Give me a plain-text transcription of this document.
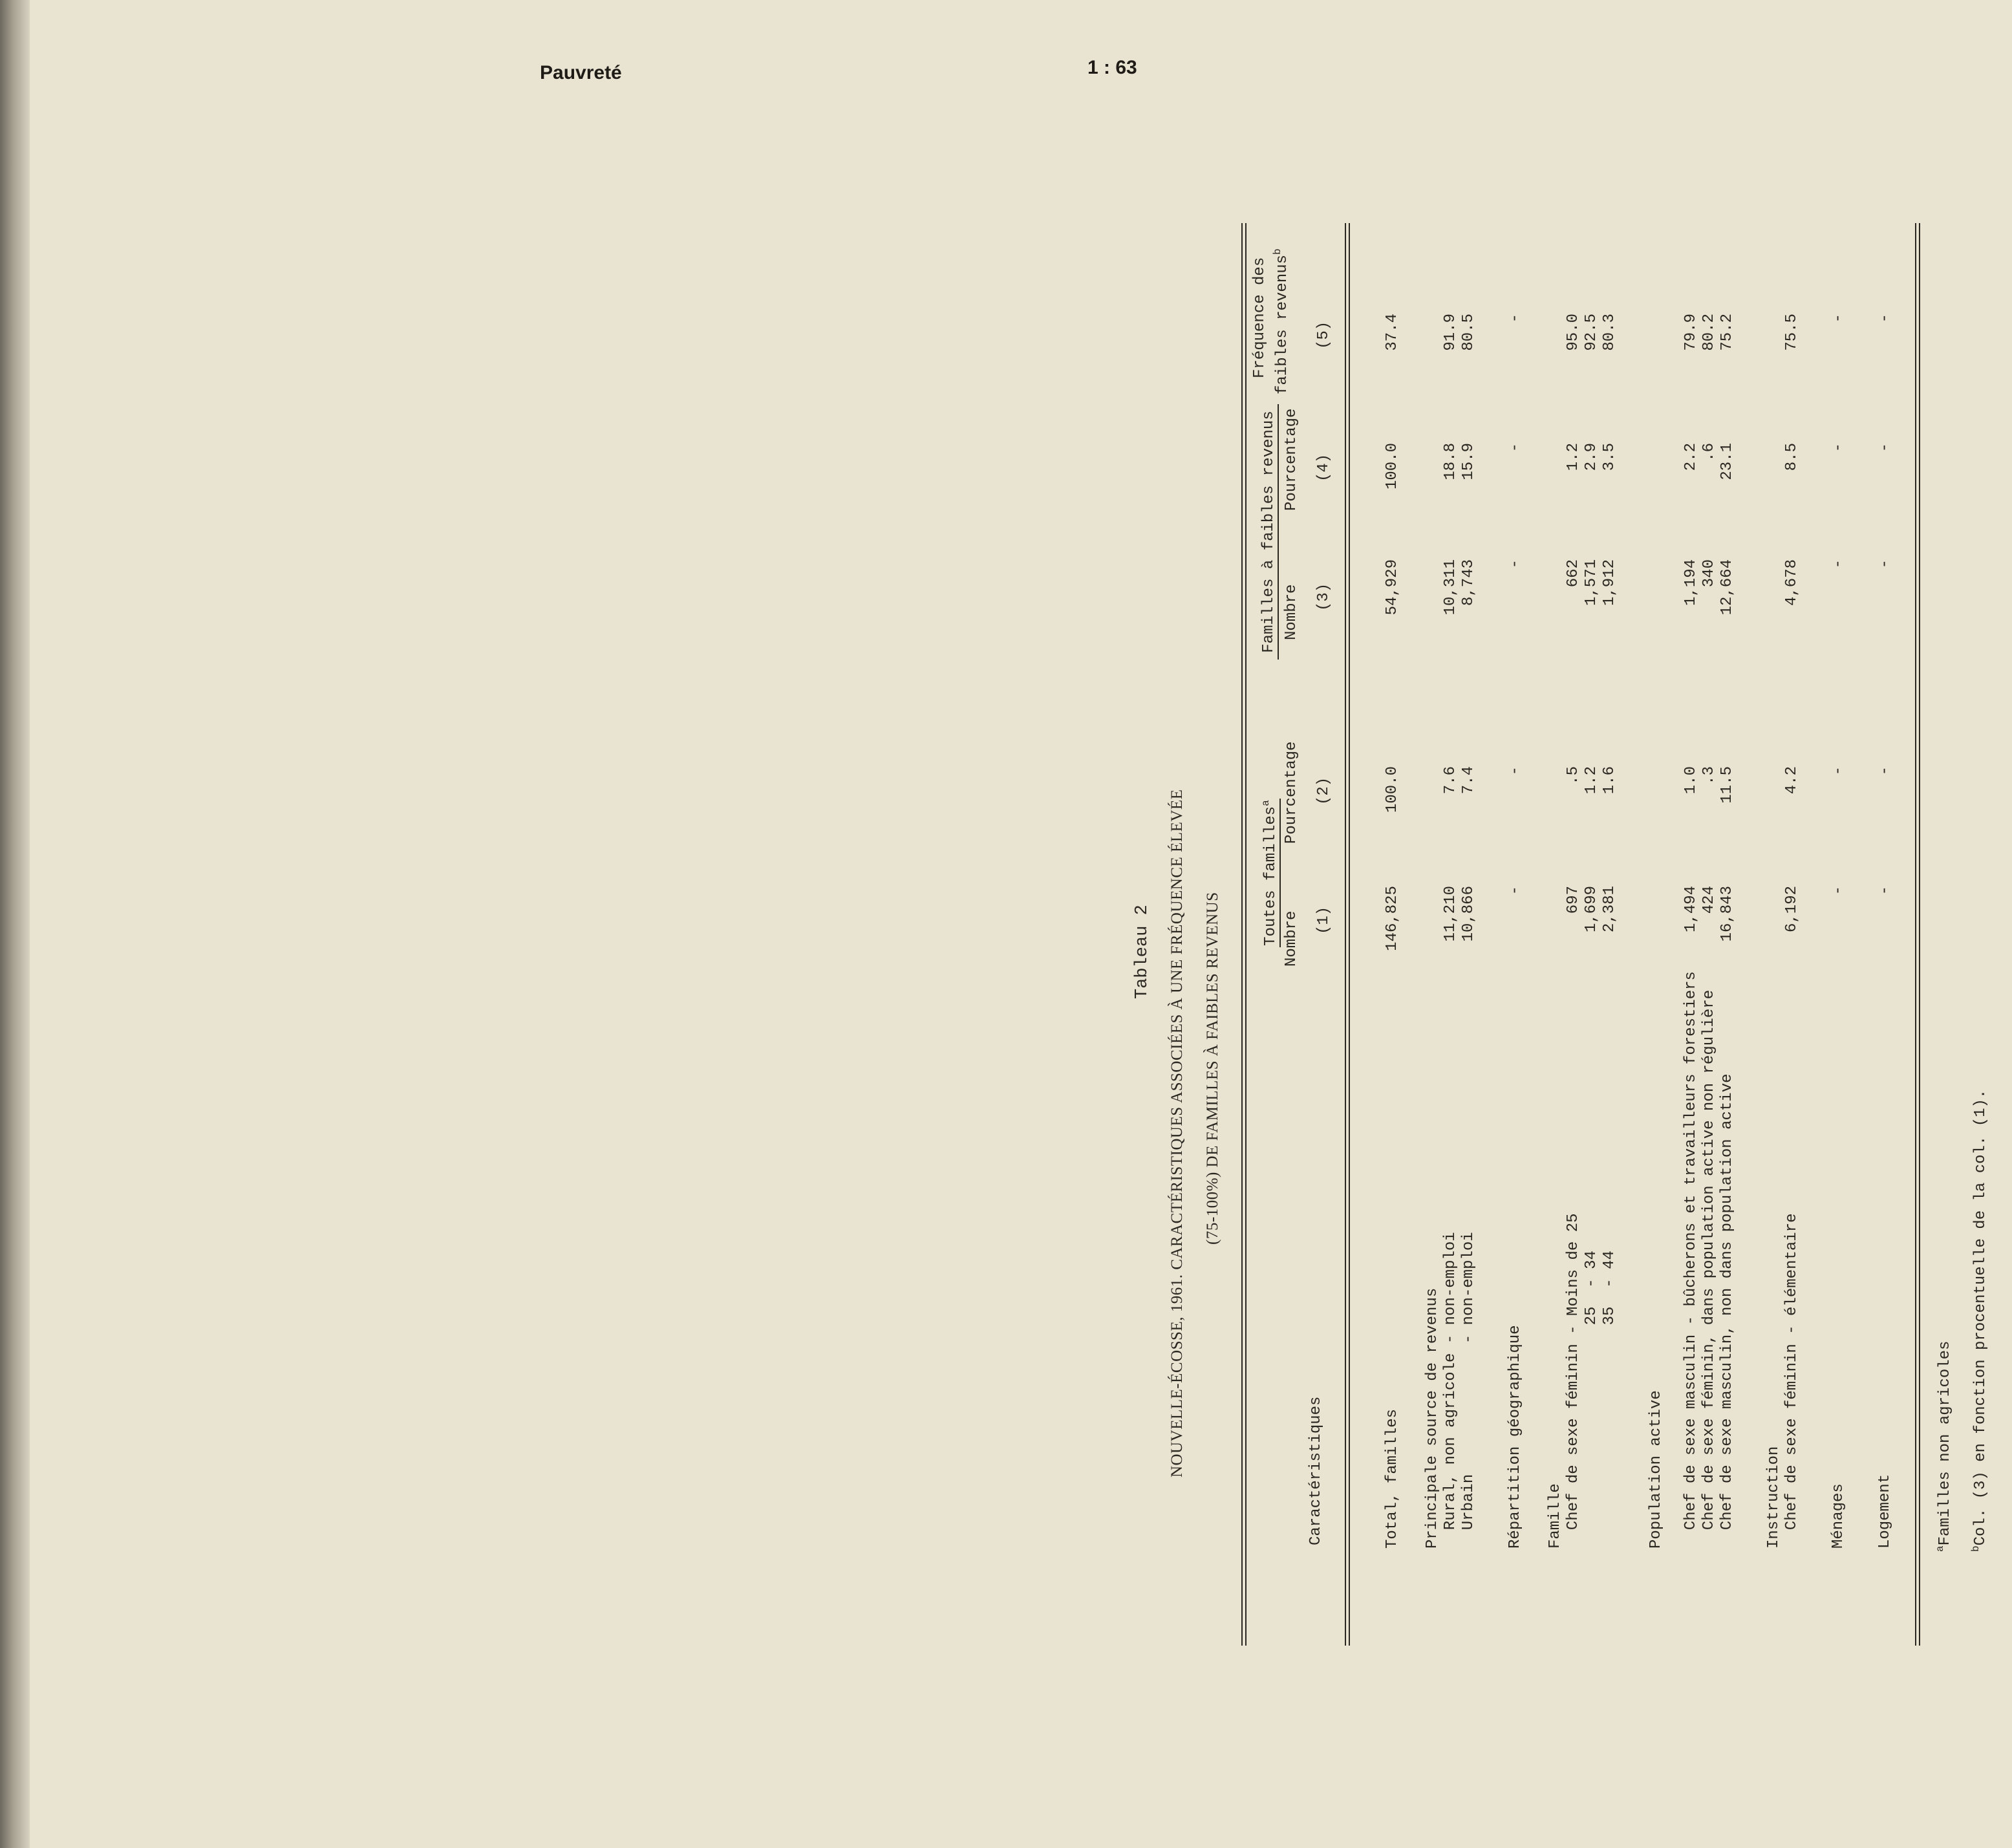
Pauvreté	1 : 63
Tableau 2 NOUVELLE-ÉCOSSE, 1961. CARACTÉRISTIQUES ASSOCIÉES À UNE FRÉQUENCE ÉLEVÉE (75-100%) DE FAMILLES À FAIBLES REVENUS
Caractéristiques
Toutes familles$^a$
Familles à faibles revenus
Fréquence des faibles revenus$^b$
Nombre
Pourcentage
Nombre
Pourcentage
(1)
(2)
(3)
(4)
(5)
Total, familles
146,825
100.0
54,929
100.0
37.4
Principale source de revenus Rural, non agricole - non-emploi
11,210
7.6
10,311
18.8
91.9
Urbain              - non-emploi
10,866
7.4
8,743
15.9
80.5
Répartition géographique
-
-
-
-
-
Famille Chef de sexe féminin - Moins de 25
697
.5
662
1.2
95.0
25  - 34
1,699
1.2
1,571
2.9
92.5
35  - 44
2,381
1.6
1,912
3.5
80.3
Population active Chef de sexe masculin - bûcherons et travailleurs forestiers
1,494
1.0
1,194
2.2
79.9
Chef de sexe féminin, dans population active non régulière
424
.3
340
.6
80.2
Chef de sexe masculin, non dans population active
16,843
11.5
12,664
23.1
75.2
Instruction Chef de sexe féminin - élémentaire
6,192
4.2
4,678
8.5
75.5
Ménages
-
-
-
-
-
Logement
-
-
-
-
-
$^a$Familles non agricoles
$^b$Col. (3) en fonction procentuelle de la col. (1).
